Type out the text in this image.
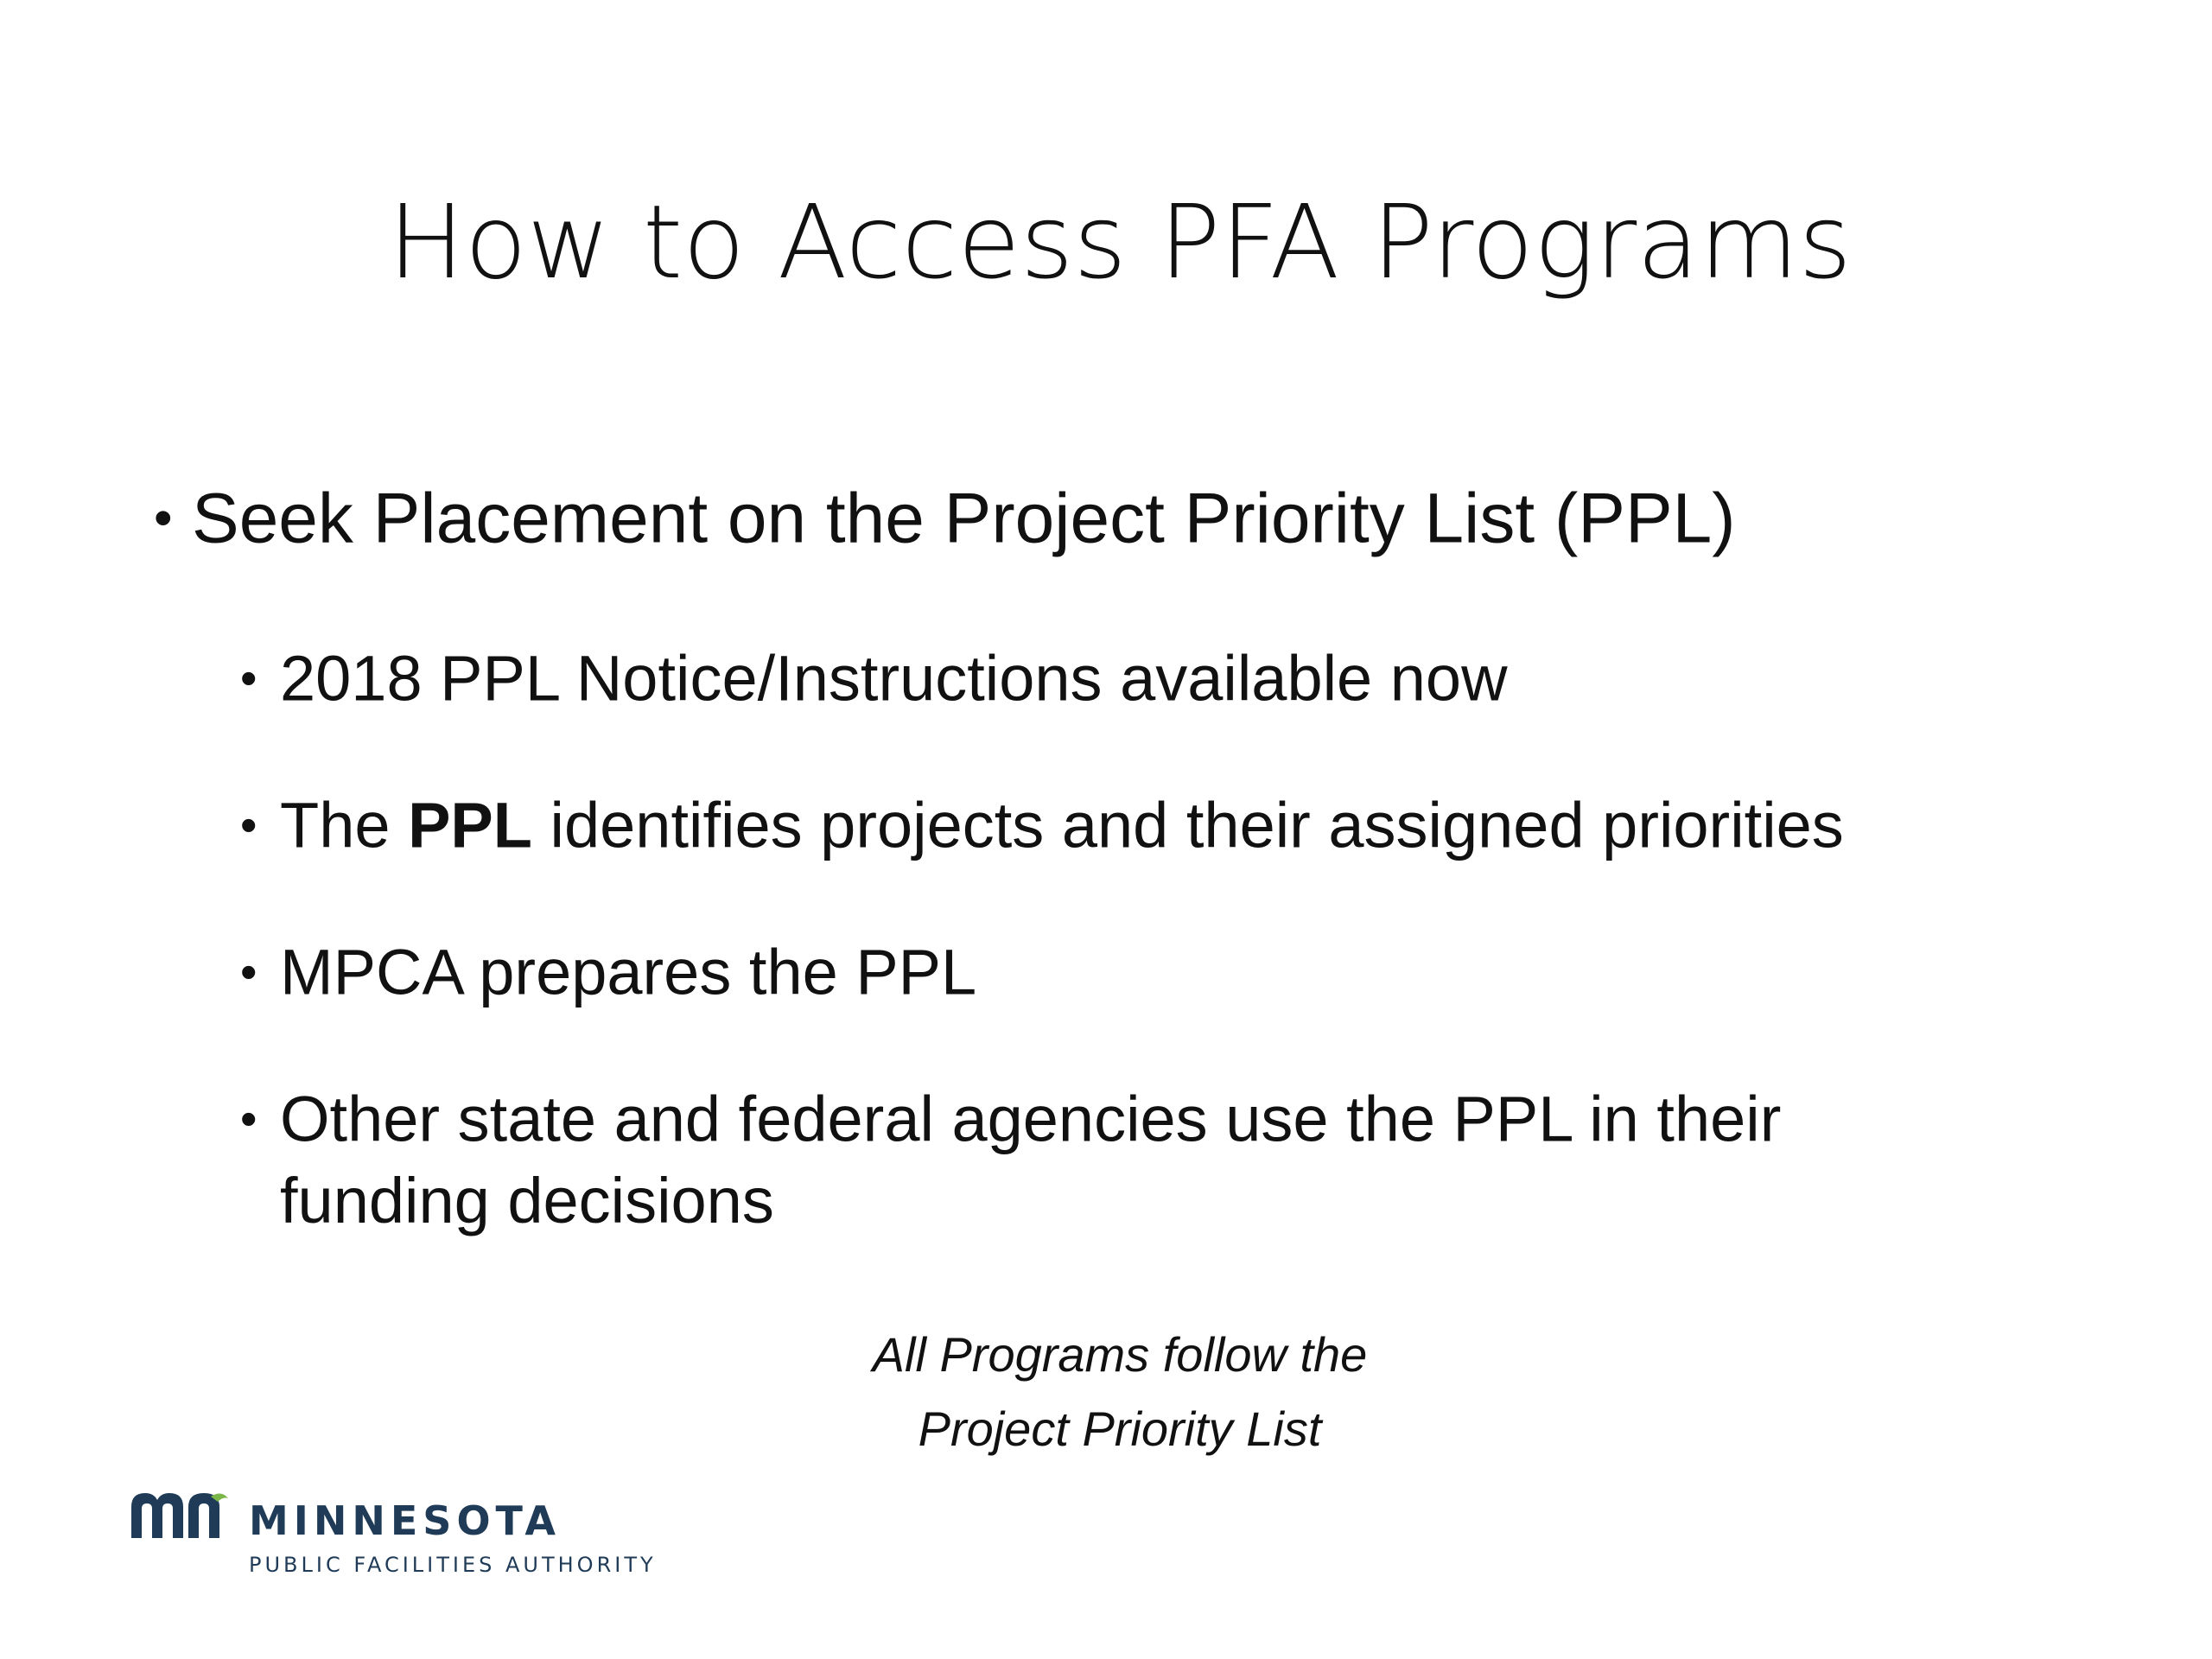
How to Access PFA Programs
• Seek Placement on the Project Priority List (PPL)
• 2018 PPL Notice/Instructions available now
• The PPL identifies projects and their assigned priorities
• MPCA prepares the PPL
• Other state and federal agencies use the PPL in their
funding decisions
All Programs follow the
Project Priority List
MINNESOTA
PUBLIC FACILITIES AUTHORITY
